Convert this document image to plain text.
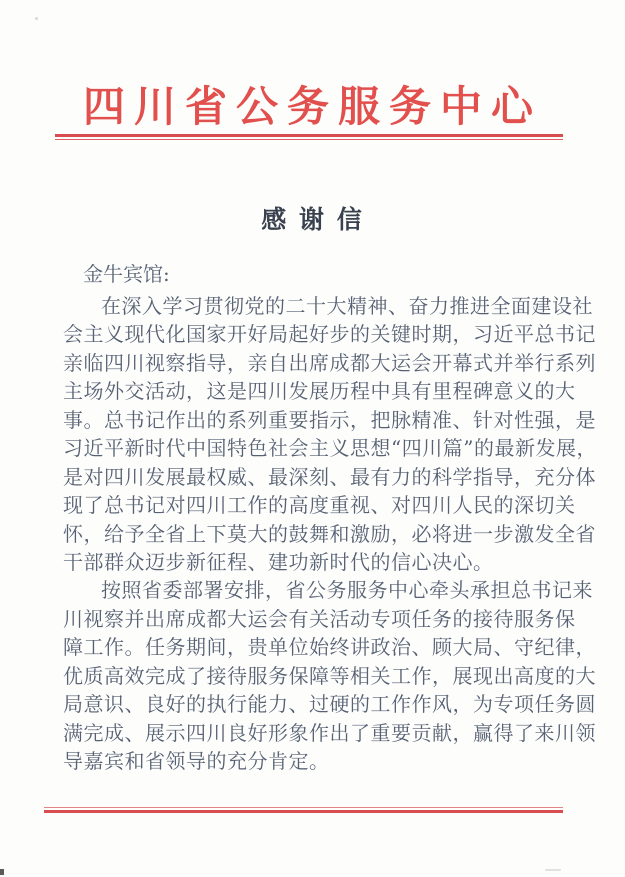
四川省公务服务中心
感 谢 信
金牛宾馆:
在深入学习贯彻党的二十大精神、奋力推进全面建设社
会主义现代化国家开好局起好步的关键时期，习近平总书记
亲临四川视察指导，亲自出席成都大运会开幕式并举行系列
主场外交活动，这是四川发展历程中具有里程碑意义的大
事。总书记作出的系列重要指示，把脉精准、针对性强，是
习近平新时代中国特色社会主义思想“四川篇”的最新发展，
是对四川发展最权威、最深刻、最有力的科学指导，充分体
现了总书记对四川工作的高度重视、对四川人民的深切关
怀，给予全省上下莫大的鼓舞和激励，必将进一步激发全省
干部群众迈步新征程、建功新时代的信心决心。
按照省委部署安排，省公务服务中心牵头承担总书记来
川视察并出席成都大运会有关活动专项任务的接待服务保
障工作。任务期间，贵单位始终讲政治、顾大局、守纪律，
优质高效完成了接待服务保障等相关工作，展现出高度的大
局意识、良好的执行能力、过硬的工作作风，为专项任务圆
满完成、展示四川良好形象作出了重要贡献，赢得了来川领
导嘉宾和省领导的充分肯定。
